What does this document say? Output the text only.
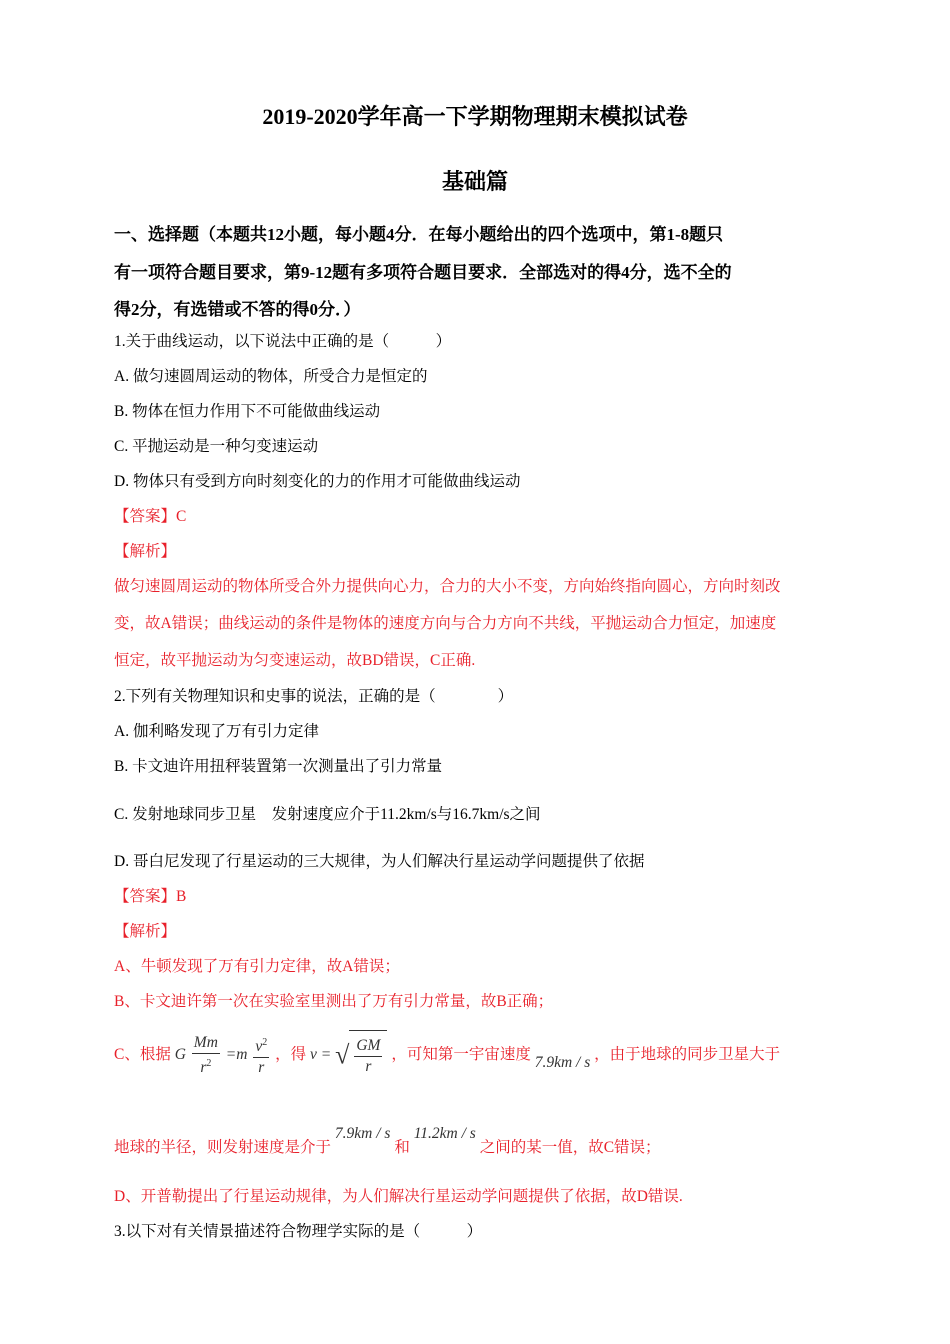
2019-2020学年高一下学期物理期末模拟试卷
基础篇
一、选择题（本题共12小题，每小题4分．在每小题给出的四个选项中，第1-8题只
有一项符合题目要求，第9-12题有多项符合题目要求．全部选对的得4分，选不全的
得2分，有选错或不答的得0分．）
1.关于曲线运动，以下说法中正确的是（　　　）
A. 做匀速圆周运动的物体，所受合力是恒定的
B. 物体在恒力作用下不可能做曲线运动
C. 平抛运动是一种匀变速运动
D. 物体只有受到方向时刻变化的力的作用才可能做曲线运动
【答案】C
【解析】
做匀速圆周运动的物体所受合外力提供向心力，合力的大小不变，方向始终指向圆心，方向时刻改
变，故A错误；曲线运动的条件是物体的速度方向与合力方向不共线，平抛运动合力恒定，加速度
恒定，故平抛运动为匀变速运动，故BD错误，C正确.
2.下列有关物理知识和史事的说法，正确的是（　　　　）
A. 伽利略发现了万有引力定律
B. 卡文迪许用扭秤装置第一次测量出了引力常量
C. 发射地球同步卫星　发射速度应介于11.2km/s与16.7km/s之间
D. 哥白尼发现了行星运动的三大规律，为人们解决行星运动学问题提供了依据
【答案】B
【解析】
A、牛顿发现了万有引力定律，故A错误；
B、卡文迪许第一次在实验室里测出了万有引力常量，故B正确；
C、根据 G $\frac{Mm}{r^2} =m \frac{v^2}{r}$ ，得 v = √ $\frac{GM}{r}$ ，可知第一宇宙速度 7.9km / s ，由于地球的同步卫星大于
地球的半径，则发射速度是介于 7.9km / s 和 11.2km / s 之间的某一值，故C错误；
D、开普勒提出了行星运动规律，为人们解决行星运动学问题提供了依据，故D错误.
3.以下对有关情景描述符合物理学实际的是（　　　）
